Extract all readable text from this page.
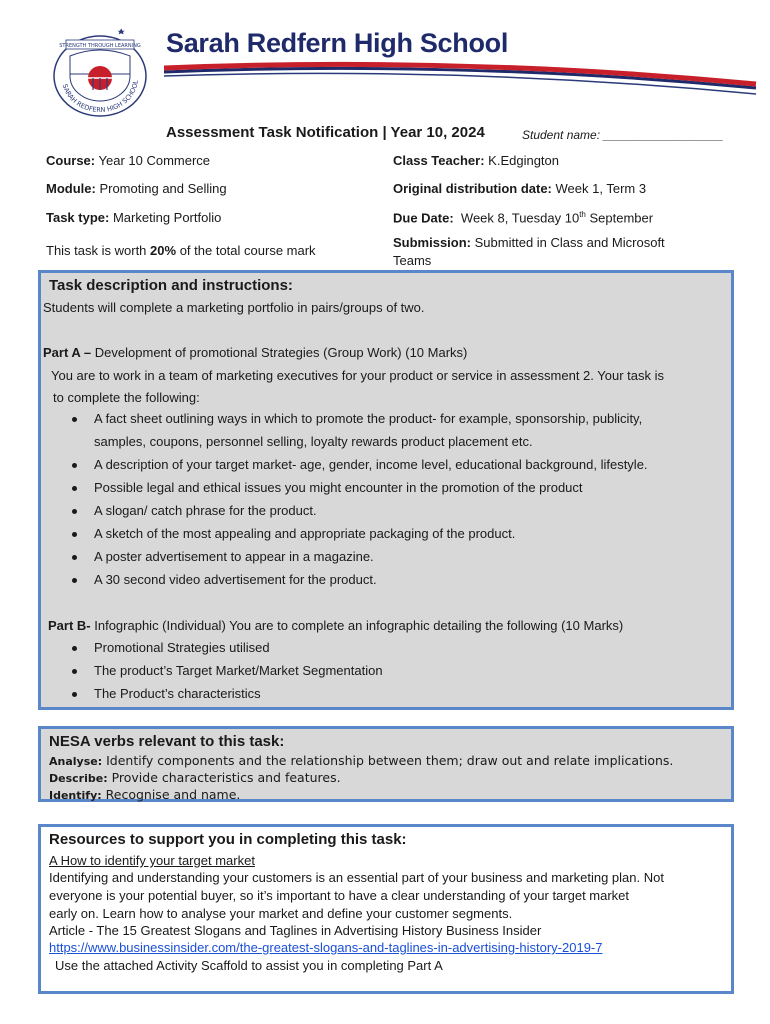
STRENGTH THROUGH LEARNING
SARAH REDFERN HIGH SCHOOL
Sarah Redfern High School
Assessment Task Notification | Year 10, 2024	Student name: __________________
Course: Year 10 Commerce	Class Teacher: K.Edgington
Module: Promoting and Selling	Original distribution date: Week 1, Term 3
Task type: Marketing Portfolio	Due Date: Week 8, Tuesday 10th September
This task is worth 20% of the total course mark
Submission: Submitted in Class and Microsoft
Teams
Task description and instructions:
Students will complete a marketing portfolio in pairs/groups of two.
Part A – Development of promotional Strategies (Group Work) (10 Marks)
You are to work in a team of marketing executives for your product or service in assessment 2. Your task is
to complete the following:
A fact sheet outlining ways in which to promote the product- for example, sponsorship, publicity,
samples, coupons, personnel selling, loyalty rewards product placement etc.
A description of your target market- age, gender, income level, educational background, lifestyle.
Possible legal and ethical issues you might encounter in the promotion of the product
A slogan/ catch phrase for the product.
A sketch of the most appealing and appropriate packaging of the product.
A poster advertisement to appear in a magazine.
A 30 second video advertisement for the product.
Part B- Infographic (Individual) You are to complete an infographic detailing the following (10 Marks)
Promotional Strategies utilised
The product’s Target Market/Market Segmentation
The Product’s characteristics
NESA verbs relevant to this task:
Analyse: Identify components and the relationship between them; draw out and relate implications.
Describe: Provide characteristics and features.
Identify: Recognise and name.
Resources to support you in completing this task:
A How to identify your target market
Identifying and understanding your customers is an essential part of your business and marketing plan. Not
everyone is your potential buyer, so it’s important to have a clear understanding of your target market
early on. Learn how to analyse your market and define your customer segments.
Article - The 15 Greatest Slogans and Taglines in Advertising History Business Insider
https://www.businessinsider.com/the-greatest-slogans-and-taglines-in-advertising-history-2019-7
Use the attached Activity Scaffold to assist you in completing Part A
